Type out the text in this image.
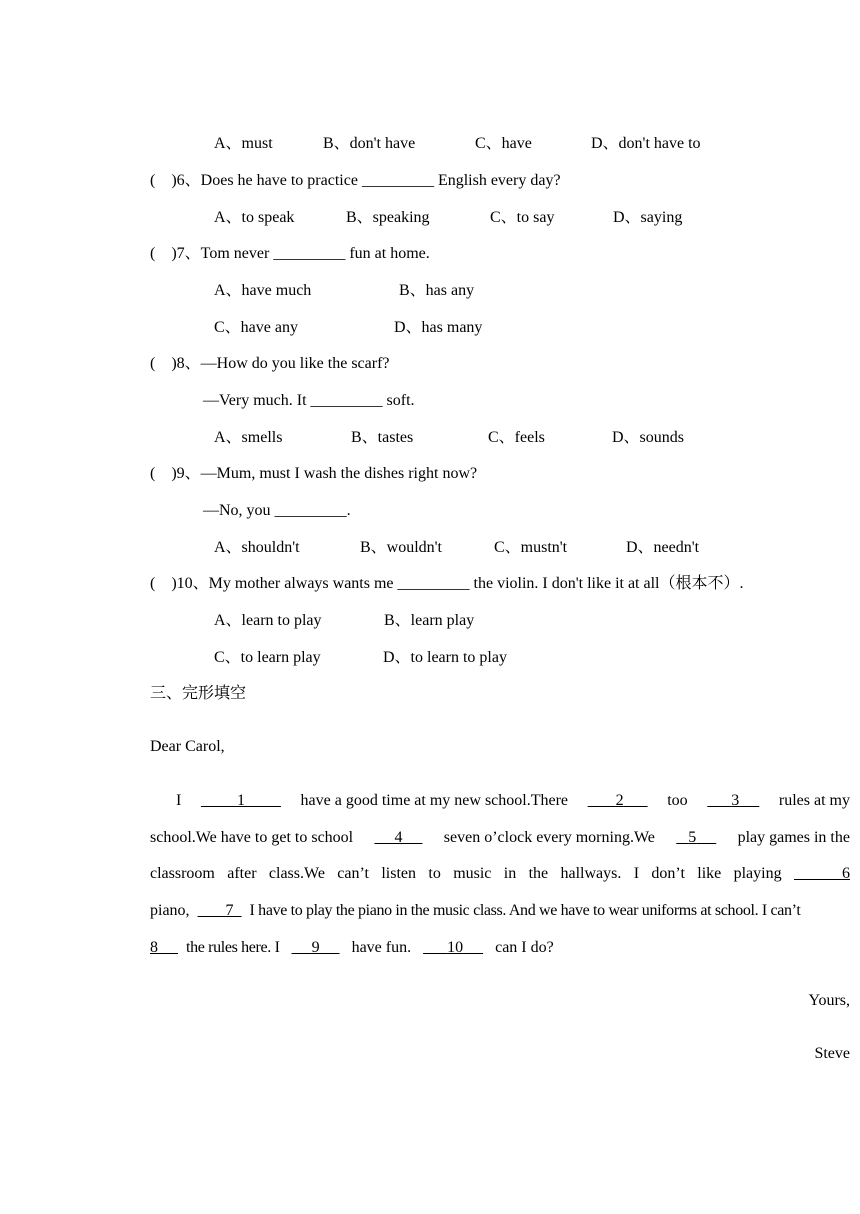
A、must	B、don't have	C、have	D、don't have to
(    )6、Does he have to practice _________ English every day?
A、to speak	B、speaking	C、to say	D、saying
(    )7、Tom never _________ fun at home.
A、have much	B、has any
C、have any	D、has many
(    )8、—How do you like the scarf?
—Very much. It _________ soft.
A、smells	B、tastes	C、feels	D、sounds
(    )9、—Mum, must I wash the dishes right now?
—No, you _________.
A、shouldn't	B、wouldn't	C、mustn't	D、needn't
(    )10、My mother always wants me _________ the violin. I don't like it at all（根本不）.
A、learn to play	B、learn play
C、to learn play	D、to learn to play
三、完形填空
Dear Carol,
I	1	have a good time at my new school.There	2	too	3	rules at my
school.We have to get to school	4	seven o’clock every morning.We	5	play games in the
classroom after class.We can’t listen to music in the hallways. I don’t like playing	6
piano, 7 I have to play the piano in the music class. And we have to wear uniforms at school. I can’t
8 the rules here. I 9 have fun. 10 can I do?
Yours,
Steve
